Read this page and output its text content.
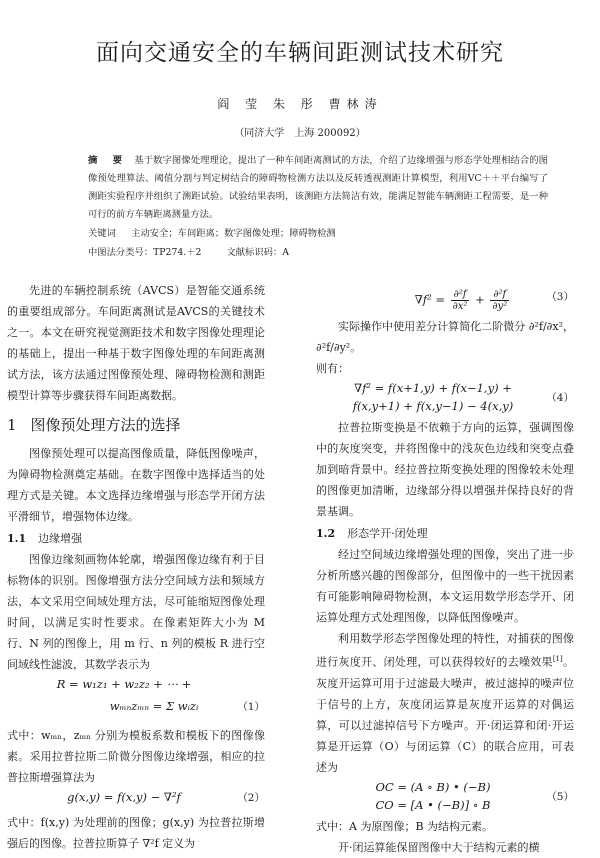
面向交通安全的车辆间距测试技术研究
阎 莹 朱 彤 曹林涛
（同济大学　上海 200092）
摘　要 基于数字图像处理理论，提出了一种车间距离测试的方法，介绍了边缘增强与形态学处理相结合的图像预处理算法、阈值分割与判定树结合的障碍物检测方法以及反转透视测距计算模型，利用VC＋＋平台编写了测距实验程序并组织了测距试验。试验结果表明，该测距方法简洁有效，能满足智能车辆测距工程需要，是一种可行的前方车辆距离测量方法。
关键词 　 主动安全；车间距离；数字图像处理；障碍物检测
中图法分类号：TP274.＋2	文献标识码：A

先进的车辆控制系统（AVCS）是智能交通系统的重要组成部分。车间距离测试是AVCS的关键技术之一。本文在研究视觉测距技术和数字图像处理理论的基础上，提出一种基于数字图像处理的车间距离测试方法，该方法通过图像预处理、障碍物检测和测距模型计算等步骤获得车间距离数据。

1 图像预处理方法的选择

图像预处理可以提高图像质量，降低图像噪声，为障碍物检测奠定基础。在数字图像中选择适当的处理方式是关键。本文选择边缘增强与形态学开闭方法平滑细节，增强物体边缘。

1.1 边缘增强

图像边缘刻画物体轮廓，增强图像边缘有利于目标物体的识别。图像增强方法分空间域方法和频域方法，本文采用空间域处理方法，尽可能缩短图像处理时间，以满足实时性要求。在像素矩阵大小为 M 行、N 列的图像上，用 m 行、n 列的模板 R 进行空间域线性滤波，其数学表示为

R = w₁z₁ + w₂z₂ + ⋯ +
wₘₙzₘₙ = Σ wᵢzᵢ	（1）

式中：wₘₙ，zₘₙ 分别为模板系数和模板下的图像像素。采用拉普拉斯二阶微分图像边缘增强，相应的拉普拉斯增强算法为

g(x,y) = f(x,y) − ∇²f	（2）

式中：f(x,y) 为处理前的图像；g(x,y) 为拉普拉斯增强后的图像。拉普拉斯算子 ∇²f 定义为

$\nabla f^2 = \frac{\text{∂²f}}{\text{∂x²}} + \frac{\text{∂²f}}{\text{∂y²}}$	（3）

实际操作中使用差分计算简化二阶微分 ∂²f/∂x²，∂²f/∂y²。

则有：

∇f² = f(x+1,y) + f(x−1,y) +
f(x,y+1) + f(x,y−1) − 4(x,y)
（4）

拉普拉斯变换是不依赖于方向的运算，强调图像中的灰度突变，并将图像中的浅灰色边线和突变点叠加到暗背景中。经拉普拉斯变换处理的图像较未处理的图像更加清晰，边缘部分得以增强并保持良好的背景基调。

1.2 形态学开·闭处理

经过空间域边缘增强处理的图像，突出了进一步分析所感兴趣的图像部分，但图像中的一些干扰因素有可能影响障碍物检测，本文运用数学形态学开、闭运算处理方式处理图像，以降低图像噪声。

利用数学形态学图像处理的特性，对捕获的图像进行灰度开、闭处理，可以获得较好的去噪效果[1]。灰度开运算可用于过滤最大噪声，被过滤掉的噪声位于信号的上方，灰度闭运算是灰度开运算的对偶运算，可以过滤掉信号下方噪声。开·闭运算和闭·开运算是开运算（O）与闭运算（C）的联合应用，可表述为

OC = (A ∘ B) • (−B)
CO = [A • (−B)] ∘ B
（5）

式中：A 为原图像；B 为结构元素。

开·闭运算能保留图像中大于结构元素的横
